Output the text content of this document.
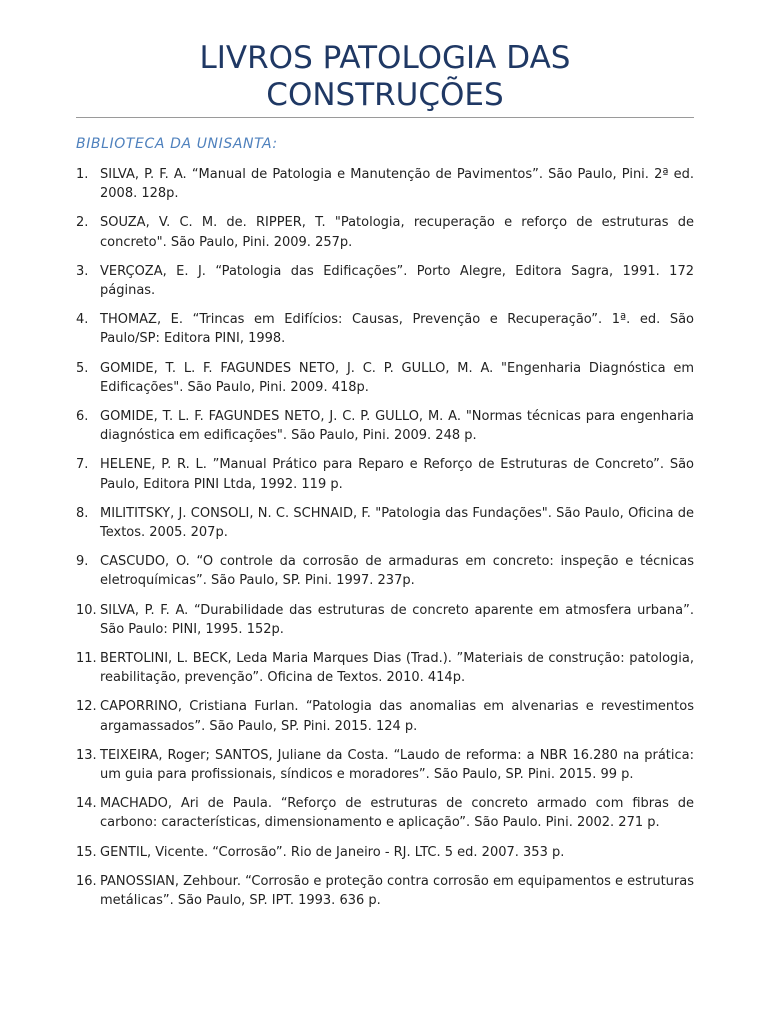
LIVROS PATOLOGIA DAS
CONSTRUÇÕES
BIBLIOTECA DA UNISANTA:
1. SILVA, P. F. A. “Manual de Patologia e Manutenção de Pavimentos”. São Paulo, Pini. 2ª ed. 2008. 128p.
2. SOUZA, V. C. M. de. RIPPER, T. "Patologia, recuperação e reforço de estruturas de concreto". São Paulo, Pini. 2009. 257p.
3. VERÇOZA, E. J. “Patologia das Edificações”. Porto Alegre, Editora Sagra, 1991. 172 páginas.
4. THOMAZ, E. “Trincas em Edifícios: Causas, Prevenção e Recuperação”. 1ª. ed. São Paulo/SP: Editora PINI, 1998.
5. GOMIDE, T. L. F. FAGUNDES NETO, J. C. P. GULLO, M. A. "Engenharia Diagnóstica em Edificações". São Paulo, Pini. 2009. 418p.
6. GOMIDE, T. L. F. FAGUNDES NETO, J. C. P. GULLO, M. A. "Normas técnicas para engenharia diagnóstica em edificações". São Paulo, Pini. 2009. 248 p.
7. HELENE, P. R. L. ”Manual Prático para Reparo e Reforço de Estruturas de Concreto”. São Paulo, Editora PINI Ltda, 1992. 119 p.
8. MILITITSKY, J. CONSOLI, N. C. SCHNAID, F. "Patologia das Fundações". São Paulo, Oficina de Textos. 2005. 207p.
9. CASCUDO, O. “O controle da corrosão de armaduras em concreto: inspeção e técnicas eletroquímicas”. São Paulo, SP. Pini. 1997. 237p.
10. SILVA, P. F. A. “Durabilidade das estruturas de concreto aparente em atmosfera urbana”. São Paulo: PINI, 1995. 152p.
11. BERTOLINI, L. BECK, Leda Maria Marques Dias (Trad.). ”Materiais de construção: patologia, reabilitação, prevenção”. Oficina de Textos. 2010. 414p.
12. CAPORRINO, Cristiana Furlan. “Patologia das anomalias em alvenarias e revestimentos argamassados”. São Paulo, SP. Pini. 2015. 124 p.
13. TEIXEIRA, Roger; SANTOS, Juliane da Costa. “Laudo de reforma: a NBR 16.280 na prática: um guia para profissionais, síndicos e moradores”. São Paulo, SP. Pini. 2015. 99 p.
14. MACHADO, Ari de Paula. “Reforço de estruturas de concreto armado com fibras de carbono: características, dimensionamento e aplicação”. São Paulo. Pini. 2002. 271 p.
15. GENTIL, Vicente. “Corrosão”. Rio de Janeiro - RJ. LTC. 5 ed. 2007. 353 p.
16. PANOSSIAN, Zehbour. “Corrosão e proteção contra corrosão em equipamentos e estruturas metálicas”. São Paulo, SP. IPT. 1993. 636 p.
